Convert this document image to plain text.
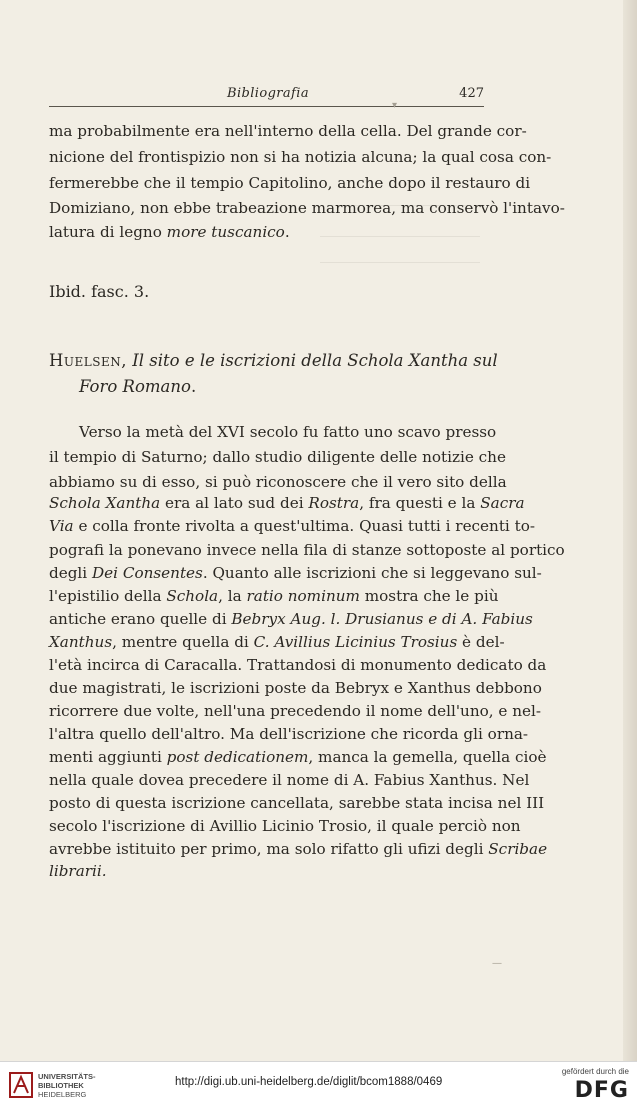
Bibliografia	427
ma probabilmente era nell'interno della cella. Del grande cor-
nicione del frontispizio non si ha notizia alcuna; la qual cosa con-
fermerebbe che il tempio Capitolino, anche dopo il restauro di
Domiziano, non ebbe trabeazione marmorea, ma conservò l'intavo-
latura di legno more tuscanico.
Ibid. fasc. 3.
Huelsen, Il sito e le iscrizioni della Schola Xantha sul
Foro Romano.
Verso la metà del XVI secolo fu fatto uno scavo presso
il tempio di Saturno; dallo studio diligente delle notizie che
abbiamo su di esso, si può riconoscere che il vero sito della
Schola Xantha era al lato sud dei Rostra, fra questi e la Sacra
Via e colla fronte rivolta a quest'ultima. Quasi tutti i recenti to-
pografi la ponevano invece nella fila di stanze sottoposte al portico
degli Dei Consentes. Quanto alle iscrizioni che si leggevano sul-
l'epistilio della Schola, la ratio nominum mostra che le più
antiche erano quelle di Bebryx Aug. l. Drusianus e di A. Fabius
Xanthus, mentre quella di C. Avillius Licinius Trosius è del-
l'età incirca di Caracalla. Trattandosi di monumento dedicato da
due magistrati, le iscrizioni poste da Bebryx e Xanthus debbono
ricorrere due volte, nell'una precedendo il nome dell'uno, e nel-
l'altra quello dell'altro. Ma dell'iscrizione che ricorda gli orna-
menti aggiunti post dedicationem, manca la gemella, quella cioè
nella quale dovea precedere il nome di A. Fabius Xanthus. Nel
posto di questa iscrizione cancellata, sarebbe stata incisa nel III
secolo l'iscrizione di Avillio Licinio Trosio, il quale perciò non
avrebbe istituito per primo, ma solo rifatto gli ufizi degli Scribae
librarii.
▾
—
UNIVERSITÄTS-
BIBLIOTHEK
HEIDELBERG
http://digi.ub.uni-heidelberg.de/diglit/bcom1888/0469
gefördert durch die
DFG
